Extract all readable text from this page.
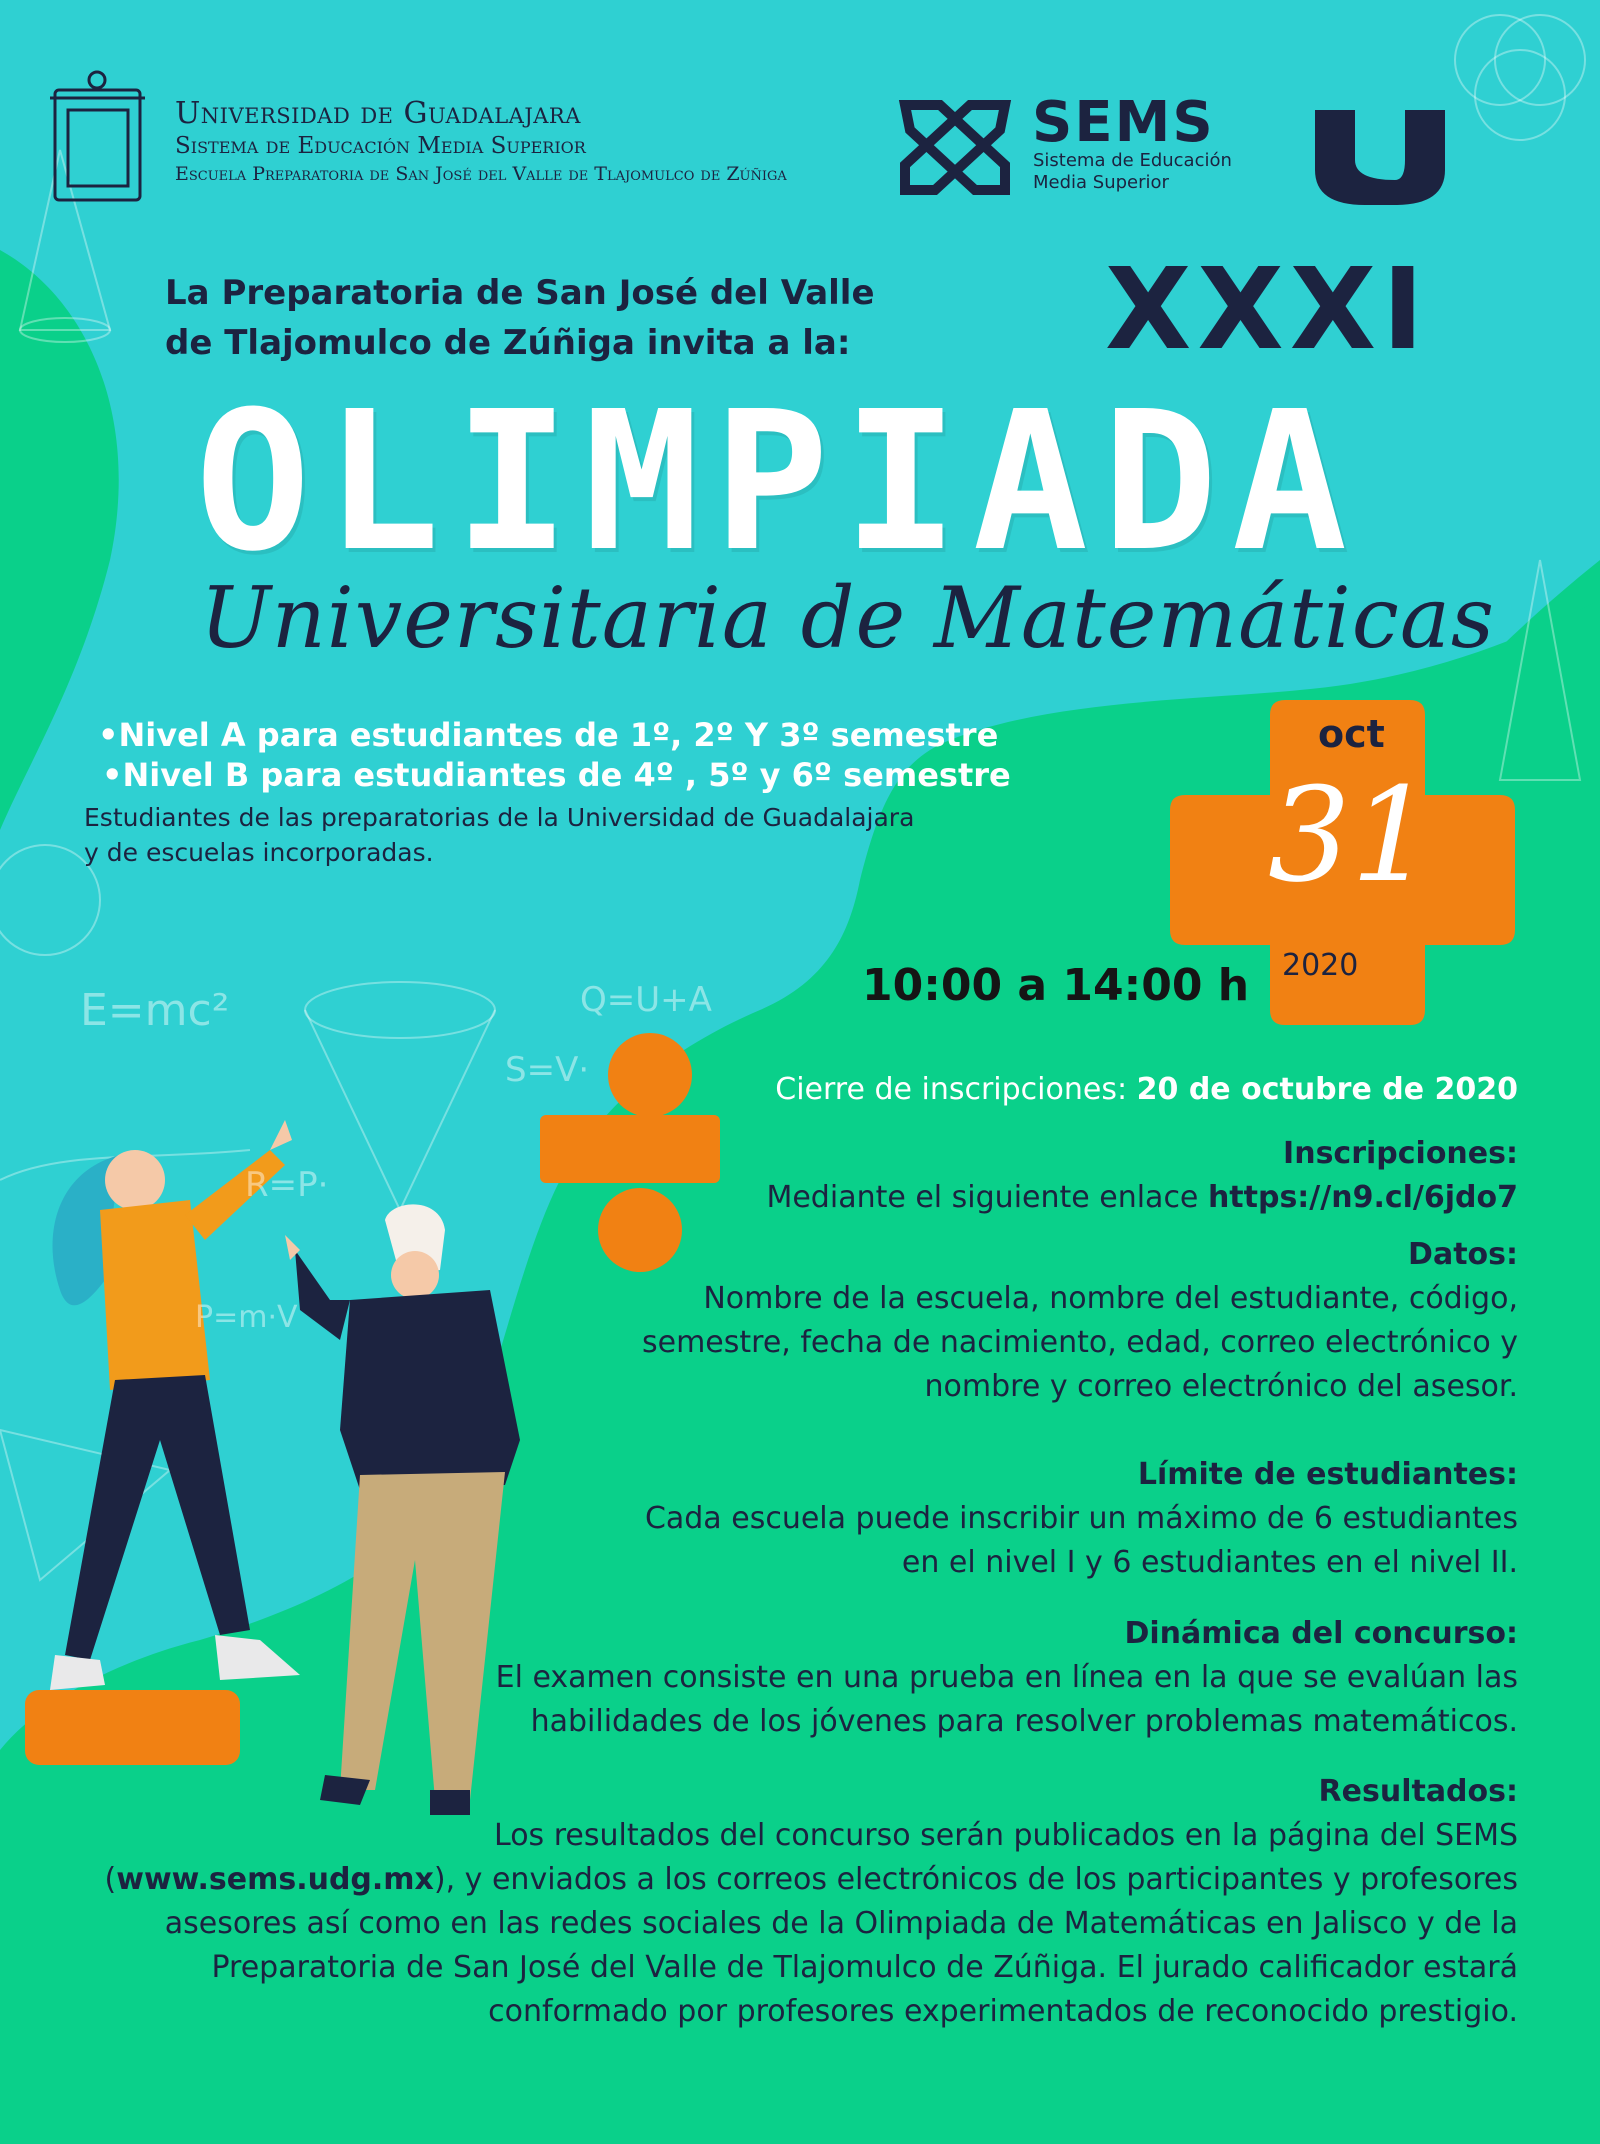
E=mc²	Q=U+A
S=V·
R=P·
P=m·V
Universidad de Guadalajara
Sistema de Educación Media Superior
Escuela Preparatoria de San José del Valle de Tlajomulco de Zúñiga
SEMS
Sistema de Educación
Media Superior
La Preparatoria de San José del Valle
de Tlajomulco de Zúñiga invita a la: XXXI
OLIMPIADA
Universitaria de Matemáticas
•Nivel A para estudiantes de 1º, 2º Y 3º semestre
•Nivel B para estudiantes de 4º , 5º y 6º semestre
Estudiantes de las preparatorias de la Universidad de Guadalajara
y de escuelas incorporadas.
oct
31
2020
10:00 a 14:00 h
Cierre de inscripciones: 20 de octubre de 2020
Inscripciones:
Mediante el siguiente enlace https://n9.cl/6jdo7
Datos:
Nombre de la escuela, nombre del estudiante, código,
semestre, fecha de nacimiento, edad, correo electrónico y
nombre y correo electrónico del asesor.
Límite de estudiantes:
Cada escuela puede inscribir un máximo de 6 estudiantes
en el nivel I y 6 estudiantes en el nivel II.
Dinámica del concurso:
El examen consiste en una prueba en línea en la que se evalúan las
habilidades de los jóvenes para resolver problemas matemáticos.
Resultados:
Los resultados del concurso serán publicados en la página del SEMS
(www.sems.udg.mx), y enviados a los correos electrónicos de los participantes y profesores
asesores así como en las redes sociales de la Olimpiada de Matemáticas en Jalisco y de la
Preparatoria de San José del Valle de Tlajomulco de Zúñiga. El jurado calificador estará
conformado por profesores experimentados de reconocido prestigio.
